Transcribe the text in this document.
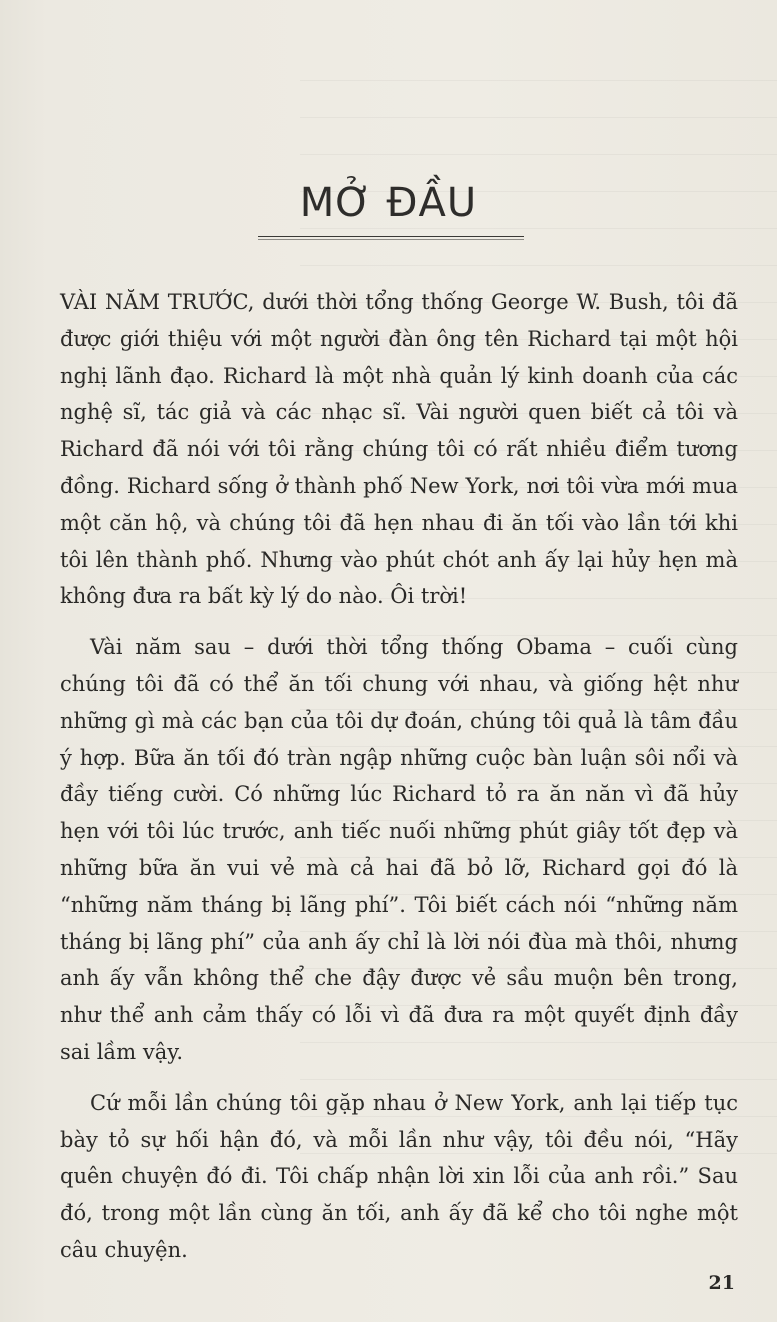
MỞ ĐẦU

VÀI NĂM TRƯỚC, dưới thời tổng thống George W. Bush, tôi đã được giới thiệu với một người đàn ông tên Richard tại một hội nghị lãnh đạo. Richard là một nhà quản lý kinh doanh của các nghệ sĩ, tác giả và các nhạc sĩ. Vài người quen biết cả tôi và Richard đã nói với tôi rằng chúng tôi có rất nhiều điểm tương đồng. Richard sống ở thành phố New York, nơi tôi vừa mới mua một căn hộ, và chúng tôi đã hẹn nhau đi ăn tối vào lần tới khi tôi lên thành phố. Nhưng vào phút chót anh ấy lại hủy hẹn mà không đưa ra bất kỳ lý do nào. Ôi trời!

Vài năm sau – dưới thời tổng thống Obama – cuối cùng chúng tôi đã có thể ăn tối chung với nhau, và giống hệt như những gì mà các bạn của tôi dự đoán, chúng tôi quả là tâm đầu ý hợp. Bữa ăn tối đó tràn ngập những cuộc bàn luận sôi nổi và đầy tiếng cười. Có những lúc Richard tỏ ra ăn năn vì đã hủy hẹn với tôi lúc trước, anh tiếc nuối những phút giây tốt đẹp và những bữa ăn vui vẻ mà cả hai đã bỏ lỡ, Richard gọi đó là “những năm tháng bị lãng phí”. Tôi biết cách nói “những năm tháng bị lãng phí” của anh ấy chỉ là lời nói đùa mà thôi, nhưng anh ấy vẫn không thể che đậy được vẻ sầu muộn bên trong, như thể anh cảm thấy có lỗi vì đã đưa ra một quyết định đầy sai lầm vậy.

Cứ mỗi lần chúng tôi gặp nhau ở New York, anh lại tiếp tục bày tỏ sự hối hận đó, và mỗi lần như vậy, tôi đều nói, “Hãy quên chuyện đó đi. Tôi chấp nhận lời xin lỗi của anh rồi.” Sau đó, trong một lần cùng ăn tối, anh ấy đã kể cho tôi nghe một câu chuyện.

21
